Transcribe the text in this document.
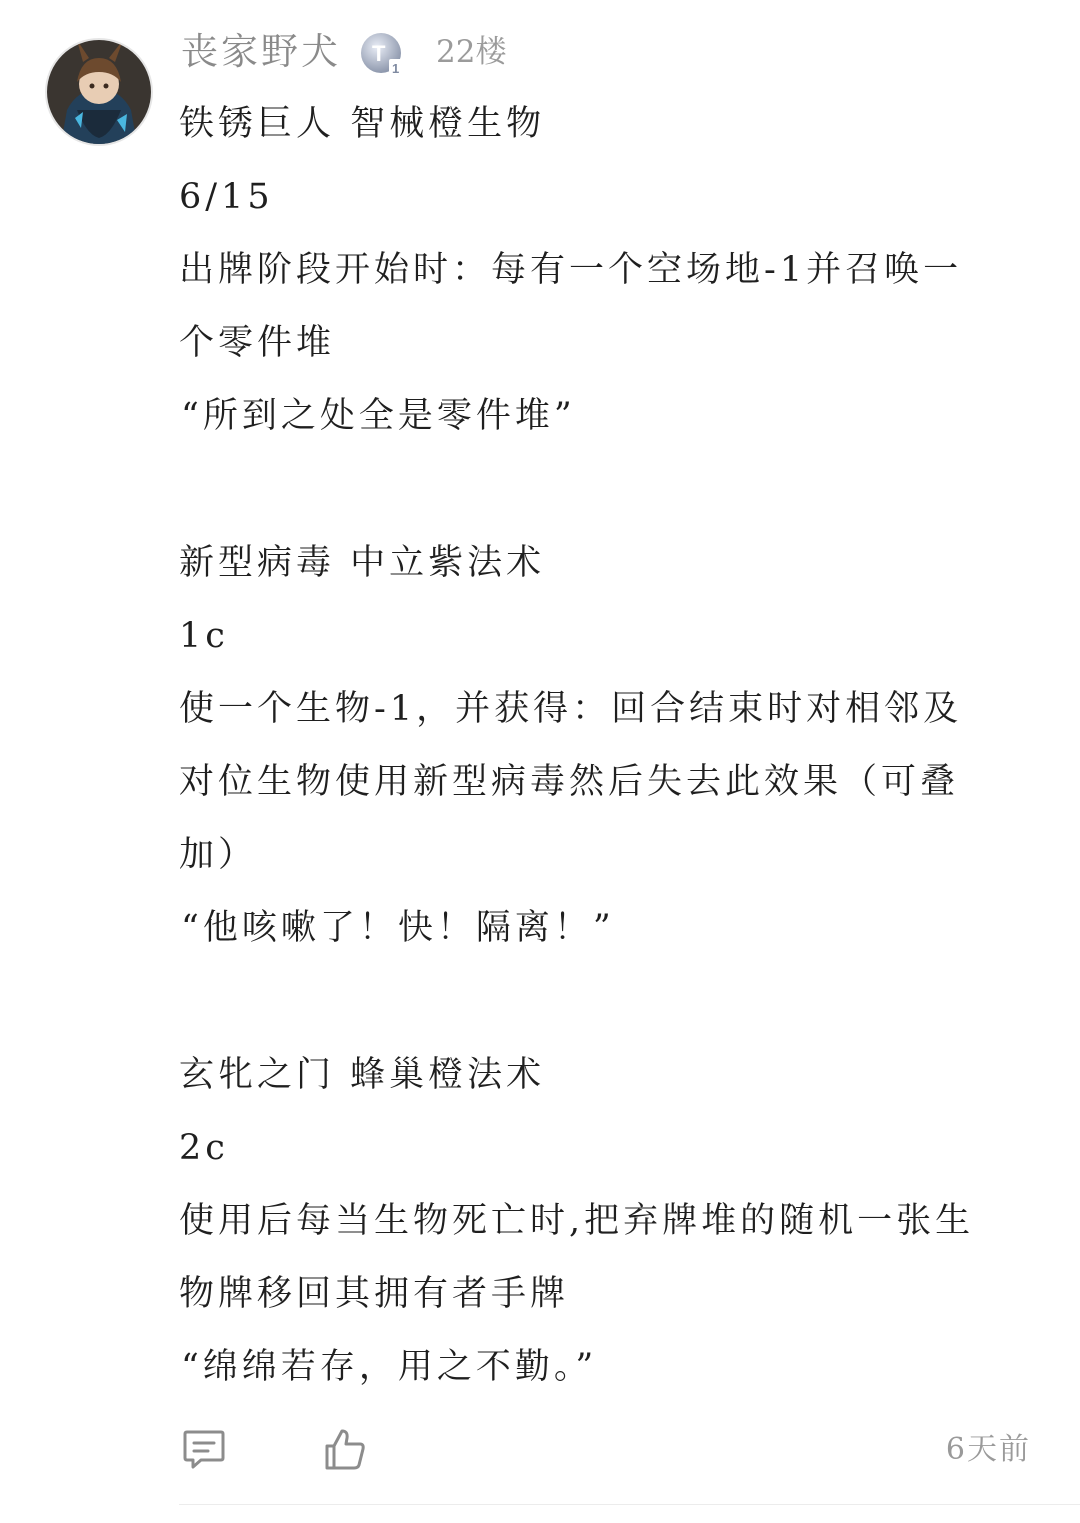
丧家野犬 T
1 22楼
铁锈巨人 智械橙生物
6/15
出牌阶段开始时：每有一个空场地-1并召唤一
个零件堆
“所到之处全是零件堆”
新型病毒 中立紫法术
1c
使一个生物-1，并获得：回合结束时对相邻及
对位生物使用新型病毒然后失去此效果（可叠
加）
“他咳嗽了！快！隔离！”
玄牝之门 蜂巢橙法术
2c
使用后每当生物死亡时,把弃牌堆的随机一张生
物牌移回其拥有者手牌
“绵绵若存，用之不勤。”
6天前
